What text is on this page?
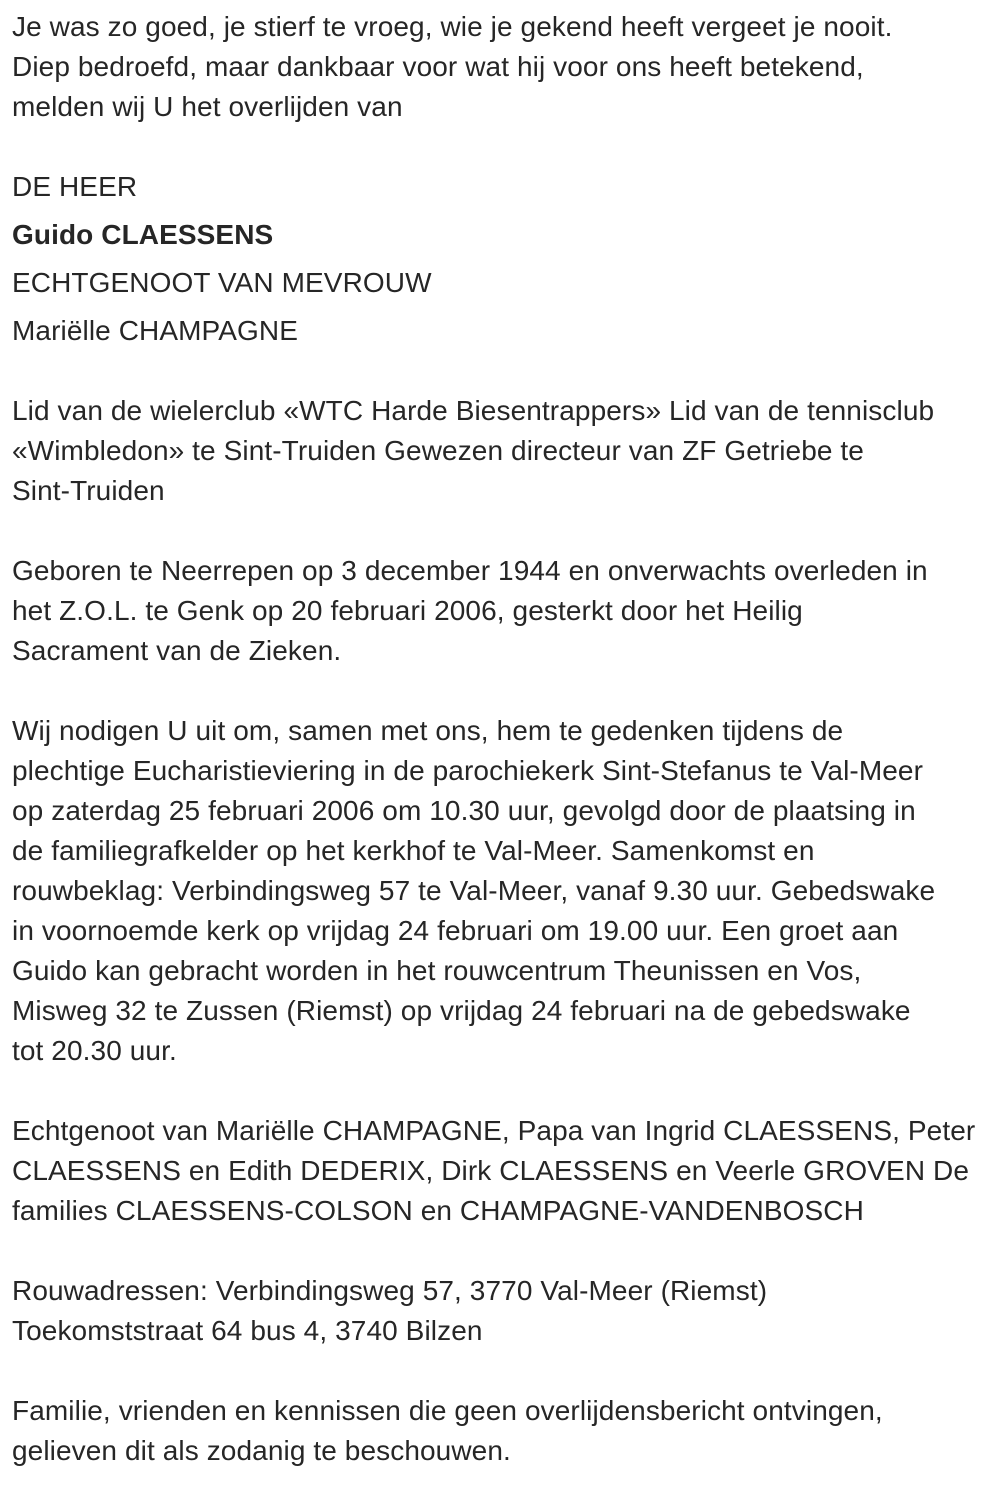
Je was zo goed, je stierf te vroeg, wie je gekend heeft vergeet je nooit.
Diep bedroefd, maar dankbaar voor wat hij voor ons heeft betekend,
melden wij U het overlijden van

DE HEER

Guido CLAESSENS

ECHTGENOOT VAN MEVROUW

Mariëlle CHAMPAGNE

Lid van de wielerclub «WTC Harde Biesentrappers» Lid van de tennisclub
«Wimbledon» te Sint-Truiden Gewezen directeur van ZF Getriebe te
Sint-Truiden

Geboren te Neerrepen op 3 december 1944 en onverwachts overleden in
het Z.O.L. te Genk op 20 februari 2006, gesterkt door het Heilig
Sacrament van de Zieken.

Wij nodigen U uit om, samen met ons, hem te gedenken tijdens de
plechtige Eucharistieviering in de parochiekerk Sint-Stefanus te Val-Meer
op zaterdag 25 februari 2006 om 10.30 uur, gevolgd door de plaatsing in
de familiegrafkelder op het kerkhof te Val-Meer. Samenkomst en
rouwbeklag: Verbindingsweg 57 te Val-Meer, vanaf 9.30 uur. Gebedswake
in voornoemde kerk op vrijdag 24 februari om 19.00 uur. Een groet aan
Guido kan gebracht worden in het rouwcentrum Theunissen en Vos,
Misweg 32 te Zussen (Riemst) op vrijdag 24 februari na de gebedswake
tot 20.30 uur.

Echtgenoot van Mariëlle CHAMPAGNE, Papa van Ingrid CLAESSENS, Peter
CLAESSENS en Edith DEDERIX, Dirk CLAESSENS en Veerle GROVEN De
families CLAESSENS-COLSON en CHAMPAGNE-VANDENBOSCH

Rouwadressen: Verbindingsweg 57, 3770 Val-Meer (Riemst)
Toekomststraat 64 bus 4, 3740 Bilzen

Familie, vrienden en kennissen die geen overlijdensbericht ontvingen,
gelieven dit als zodanig te beschouwen.
